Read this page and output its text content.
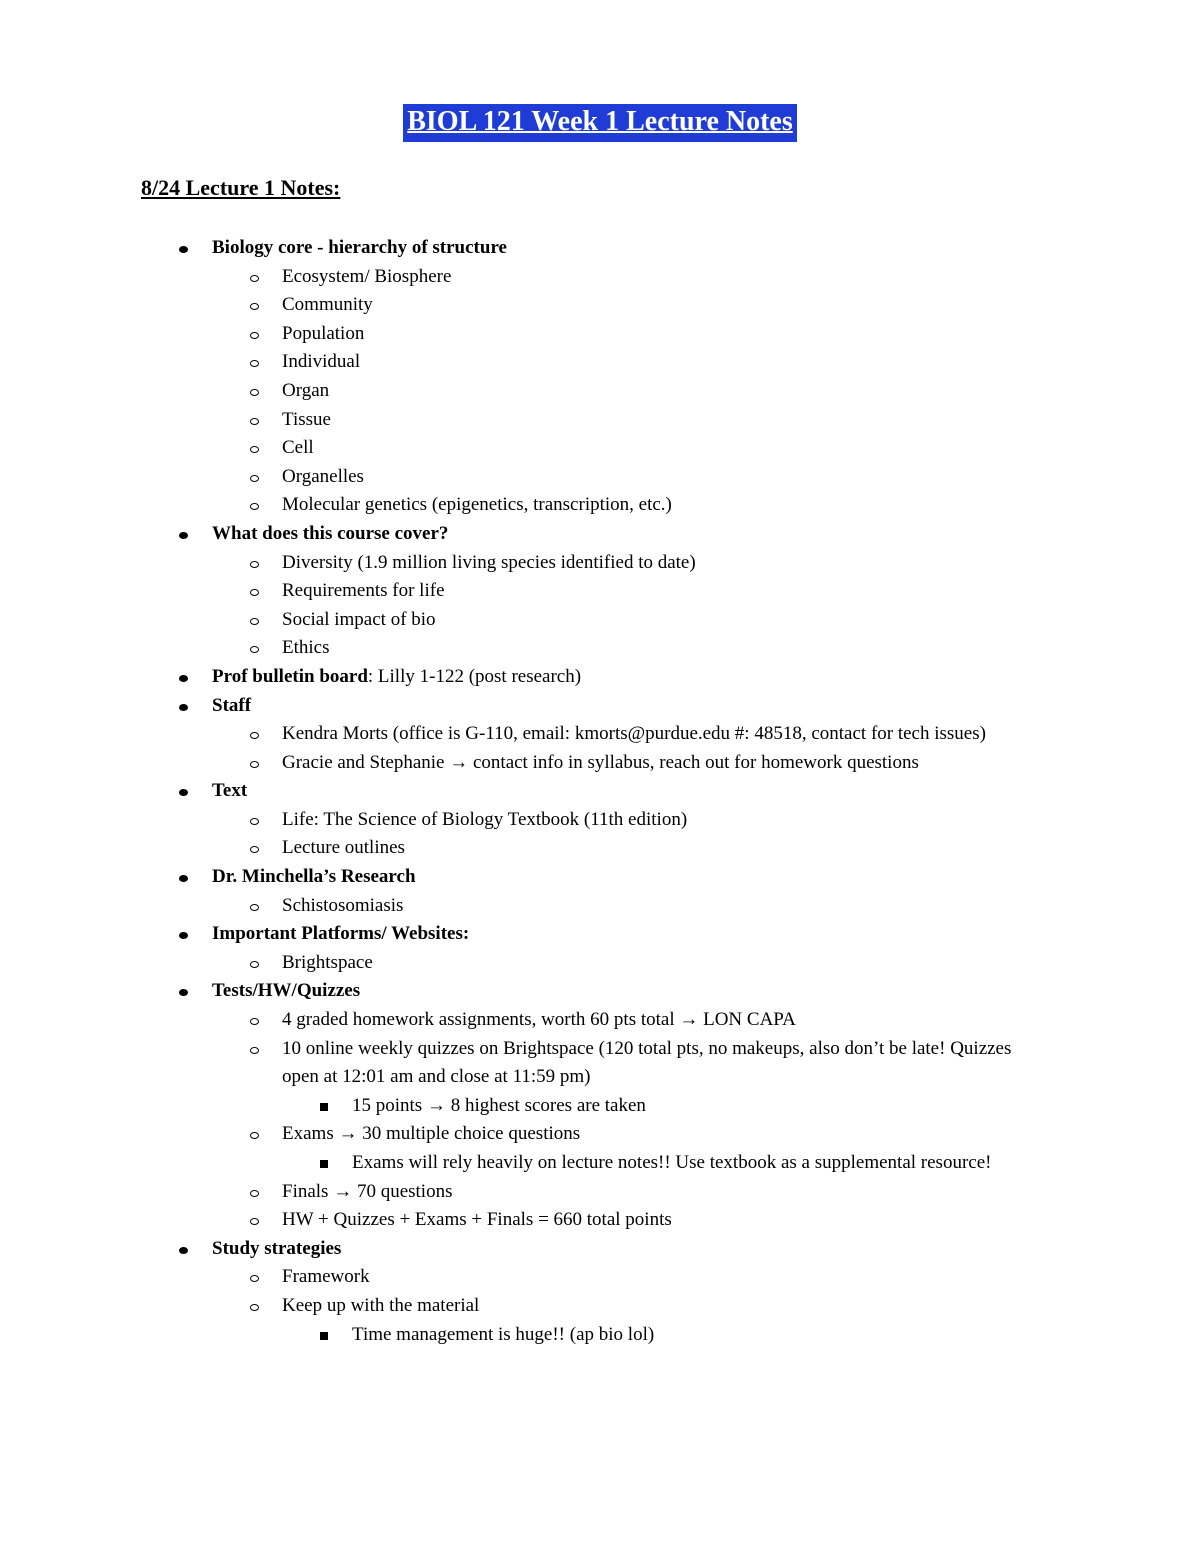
BIOL 121 Week 1 Lecture Notes
8/24 Lecture 1 Notes:
Biology core - hierarchy of structure
Ecosystem/ Biosphere
Community
Population
Individual
Organ
Tissue
Cell
Organelles
Molecular genetics (epigenetics, transcription, etc.)
What does this course cover?
Diversity (1.9 million living species identified to date)
Requirements for life
Social impact of bio
Ethics
Prof bulletin board: Lilly 1-122 (post research)
Staff
Kendra Morts (office is G-110, email: kmorts@purdue.edu #: 48518, contact for tech issues)
Gracie and Stephanie → contact info in syllabus, reach out for homework questions
Text
Life: The Science of Biology Textbook (11th edition)
Lecture outlines
Dr. Minchella’s Research
Schistosomiasis
Important Platforms/ Websites:
Brightspace
Tests/HW/Quizzes
4 graded homework assignments, worth 60 pts total → LON CAPA
10 online weekly quizzes on Brightspace (120 total pts, no makeups, also don’t be late! Quizzes open at 12:01 am and close at 11:59 pm)
15 points → 8 highest scores are taken
Exams → 30 multiple choice questions
Exams will rely heavily on lecture notes!! Use textbook as a supplemental resource!
Finals → 70 questions
HW + Quizzes + Exams + Finals = 660 total points
Study strategies
Framework
Keep up with the material
Time management is huge!! (ap bio lol)
